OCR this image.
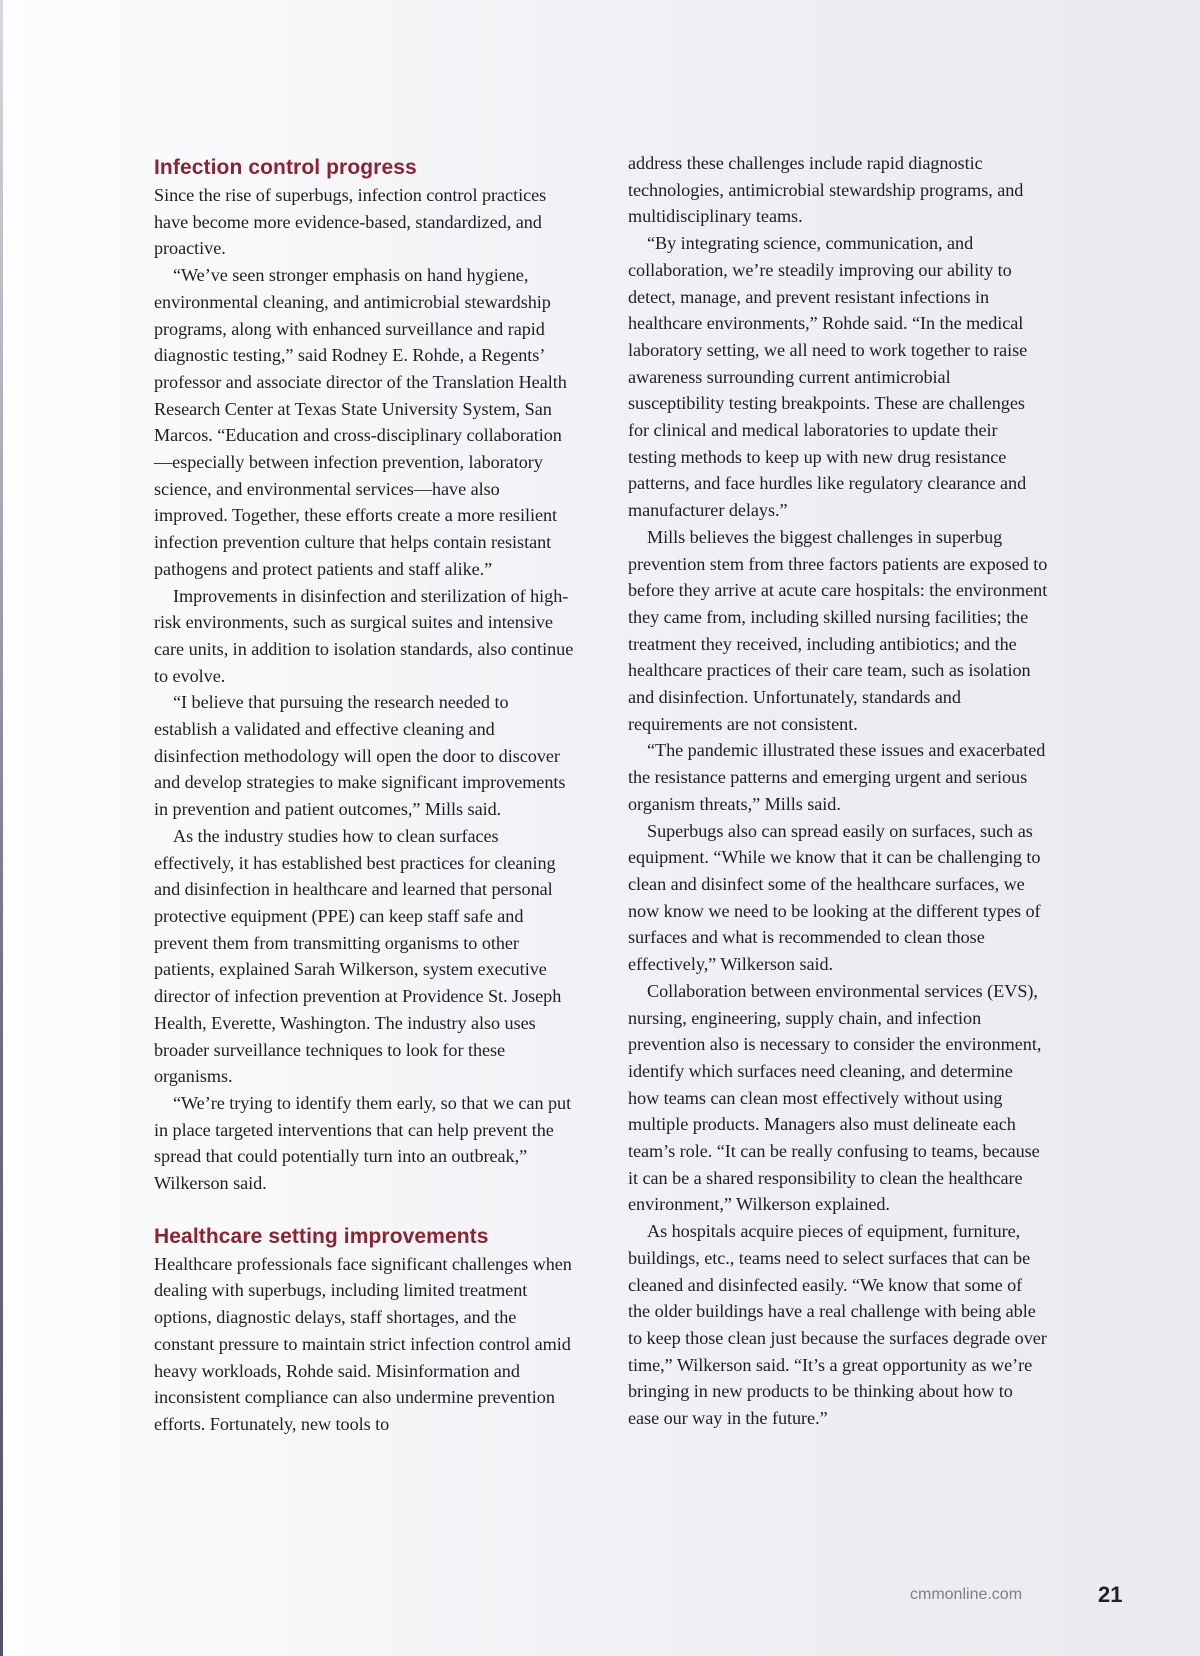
Infection control progress

Since the rise of superbugs, infection control practices have become more evidence-based, standardized, and proactive.

“We’ve seen stronger emphasis on hand hygiene, environmental cleaning, and antimicrobial stewardship programs, along with enhanced surveillance and rapid diagnostic testing,” said Rodney E. Rohde, a Regents’ professor and associate director of the Translation Health Research Center at Texas State University System, San Marcos. “Education and cross-disciplinary collaboration—especially between infection prevention, laboratory science, and environmental services—have also improved. Together, these efforts create a more resilient infection prevention culture that helps contain resistant pathogens and protect patients and staff alike.”

Improvements in disinfection and sterilization of high-risk environments, such as surgical suites and intensive care units, in addition to isolation standards, also continue to evolve.

“I believe that pursuing the research needed to establish a validated and effective cleaning and disinfection methodology will open the door to discover and develop strategies to make significant improvements in prevention and patient outcomes,” Mills said.

As the industry studies how to clean surfaces effectively, it has established best practices for cleaning and disinfection in healthcare and learned that personal protective equipment (PPE) can keep staff safe and prevent them from transmitting organisms to other patients, explained Sarah Wilkerson, system executive director of infection prevention at Providence St. Joseph Health, Everette, Washington. The industry also uses broader surveillance techniques to look for these organisms.

“We’re trying to identify them early, so that we can put in place targeted interventions that can help prevent the spread that could potentially turn into an outbreak,” Wilkerson said.

Healthcare setting improvements

Healthcare professionals face significant challenges when dealing with superbugs, including limited treatment options, diagnostic delays, staff shortages, and the constant pressure to maintain strict infection control amid heavy workloads, Rohde said. Misinformation and inconsistent compliance can also undermine prevention efforts. Fortunately, new tools to

address these challenges include rapid diagnostic technologies, antimicrobial stewardship programs, and multidisciplinary teams.

“By integrating science, communication, and collaboration, we’re steadily improving our ability to detect, manage, and prevent resistant infections in healthcare environments,” Rohde said. “In the medical laboratory setting, we all need to work together to raise awareness surrounding current antimicrobial susceptibility testing breakpoints. These are challenges for clinical and medical laboratories to update their testing methods to keep up with new drug resistance patterns, and face hurdles like regulatory clearance and manufacturer delays.”

Mills believes the biggest challenges in superbug prevention stem from three factors patients are exposed to before they arrive at acute care hospitals: the environment they came from, including skilled nursing facilities; the treatment they received, including antibiotics; and the healthcare practices of their care team, such as isolation and disinfection. Unfortunately, standards and requirements are not consistent.

“The pandemic illustrated these issues and exacerbated the resistance patterns and emerging urgent and serious organism threats,” Mills said.

Superbugs also can spread easily on surfaces, such as equipment. “While we know that it can be challenging to clean and disinfect some of the healthcare surfaces, we now know we need to be looking at the different types of surfaces and what is recommended to clean those effectively,” Wilkerson said.

Collaboration between environmental services (EVS), nursing, engineering, supply chain, and infection prevention also is necessary to consider the environment, identify which surfaces need cleaning, and determine how teams can clean most effectively without using multiple products. Managers also must delineate each team’s role. “It can be really confusing to teams, because it can be a shared responsibility to clean the healthcare environment,” Wilkerson explained.

As hospitals acquire pieces of equipment, furniture, buildings, etc., teams need to select surfaces that can be cleaned and disinfected easily. “We know that some of the older buildings have a real challenge with being able to keep those clean just because the surfaces degrade over time,” Wilkerson said. “It’s a great opportunity as we’re bringing in new products to be thinking about how to ease our way in the future.”

cmmonline.com	21
